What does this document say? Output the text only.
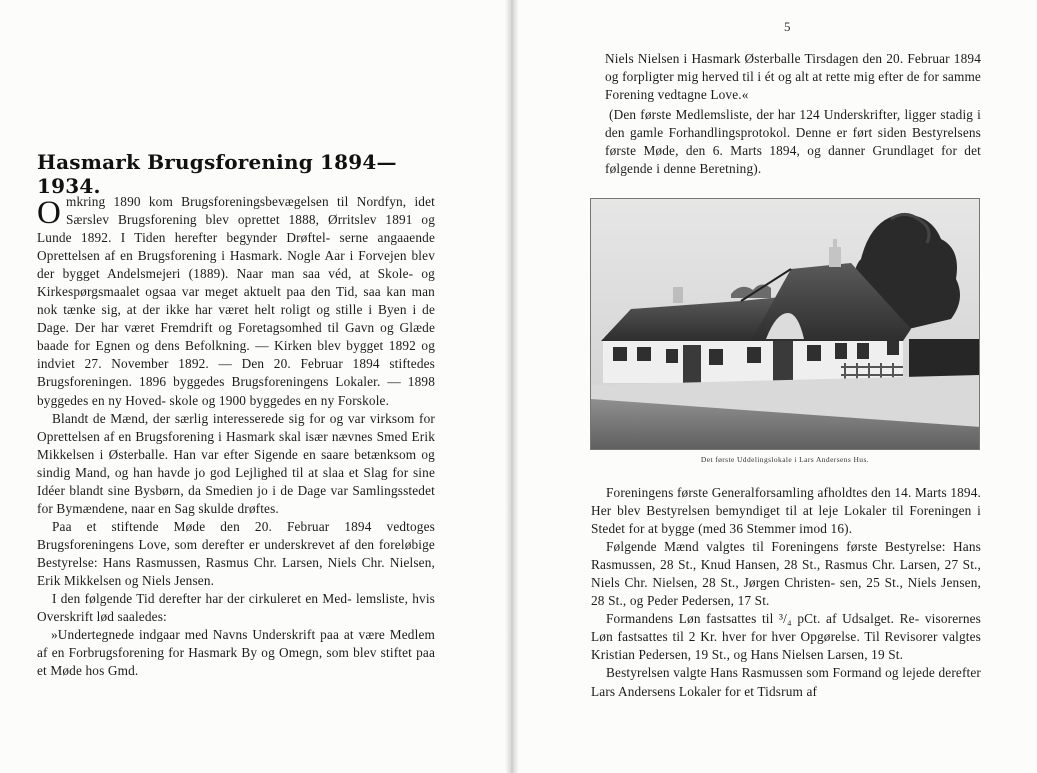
Hasmark Brugsforening 1894—1934.

Omkring 1890 kom Brugsforeningsbevægelsen til Nordfyn, idet Særslev Brugsforening blev oprettet 1888, Ørritslev 1891 og Lunde 1892. I Tiden herefter begynder Drøftel- serne angaaende Oprettelsen af en Brugsforening i Hasmark. Nogle Aar i Forvejen blev der bygget Andelsmejeri (1889). Naar man saa véd, at Skole- og Kirkespørgsmaalet ogsaa var meget aktuelt paa den Tid, saa kan man nok tænke sig, at der ikke har været helt roligt og stille i Byen i de Dage. Der har været Fremdrift og Foretagsomhed til Gavn og Glæde baade for Egnen og dens Befolkning. — Kirken blev bygget 1892 og indviet 27. November 1892. — Den 20. Februar 1894 stiftedes Brugsforeningen. 1896 byggedes Brugsforeningens Lokaler. — 1898 byggedes en ny Hoved- skole og 1900 byggedes en ny Forskole.

Blandt de Mænd, der særlig interesserede sig for og var virksom for Oprettelsen af en Brugsforening i Hasmark skal især nævnes Smed Erik Mikkelsen i Østerballe. Han var efter Sigende en saare betænksom og sindig Mand, og han havde jo god Lejlighed til at slaa et Slag for sine Idéer blandt sine Bysbørn, da Smedien jo i de Dage var Samlingsstedet for Bymændene, naar en Sag skulde drøftes.

Paa et stiftende Møde den 20. Februar 1894 vedtoges Brugsforeningens Love, som derefter er underskrevet af den foreløbige Bestyrelse: Hans Rasmussen, Rasmus Chr. Larsen, Niels Chr. Nielsen, Erik Mikkelsen og Niels Jensen.

I den følgende Tid derefter har der cirkuleret en Med- lemsliste, hvis Overskrift lød saaledes:

»Undertegnede indgaar med Navns Underskrift paa at være Medlem af en Forbrugsforening for Hasmark By og Omegn, som blev stiftet paa et Møde hos Gmd.

5

Niels Nielsen i Hasmark Østerballe Tirsdagen den 20. Februar 1894 og forpligter mig herved til i ét og alt at rette mig efter de for samme Forening vedtagne Love.«

(Den første Medlemsliste, der har 124 Underskrifter, ligger stadig i den gamle Forhandlingsprotokol. Denne er ført siden Bestyrelsens første Møde, den 6. Marts 1894, og danner Grundlaget for det følgende i denne Beretning).

Det første Uddelingslokale i Lars Andersens Hus.

Foreningens første Generalforsamling afholdtes den 14. Marts 1894. Her blev Bestyrelsen bemyndiget til at leje Lokaler til Foreningen i Stedet for at bygge (med 36 Stemmer imod 16).

Følgende Mænd valgtes til Foreningens første Bestyrelse: Hans Rasmussen, 28 St., Knud Hansen, 28 St., Rasmus Chr. Larsen, 27 St., Niels Chr. Nielsen, 28 St., Jørgen Christen- sen, 25 St., Niels Jensen, 28 St., og Peder Pedersen, 17 St.

Formandens Løn fastsattes til ³/₄ pCt. af Udsalget. Re- visorernes Løn fastsattes til 2 Kr. hver for hver Opgørelse. Til Revisorer valgtes Kristian Pedersen, 19 St., og Hans Nielsen Larsen, 19 St.

Bestyrelsen valgte Hans Rasmussen som Formand og lejede derefter Lars Andersens Lokaler for et Tidsrum af
